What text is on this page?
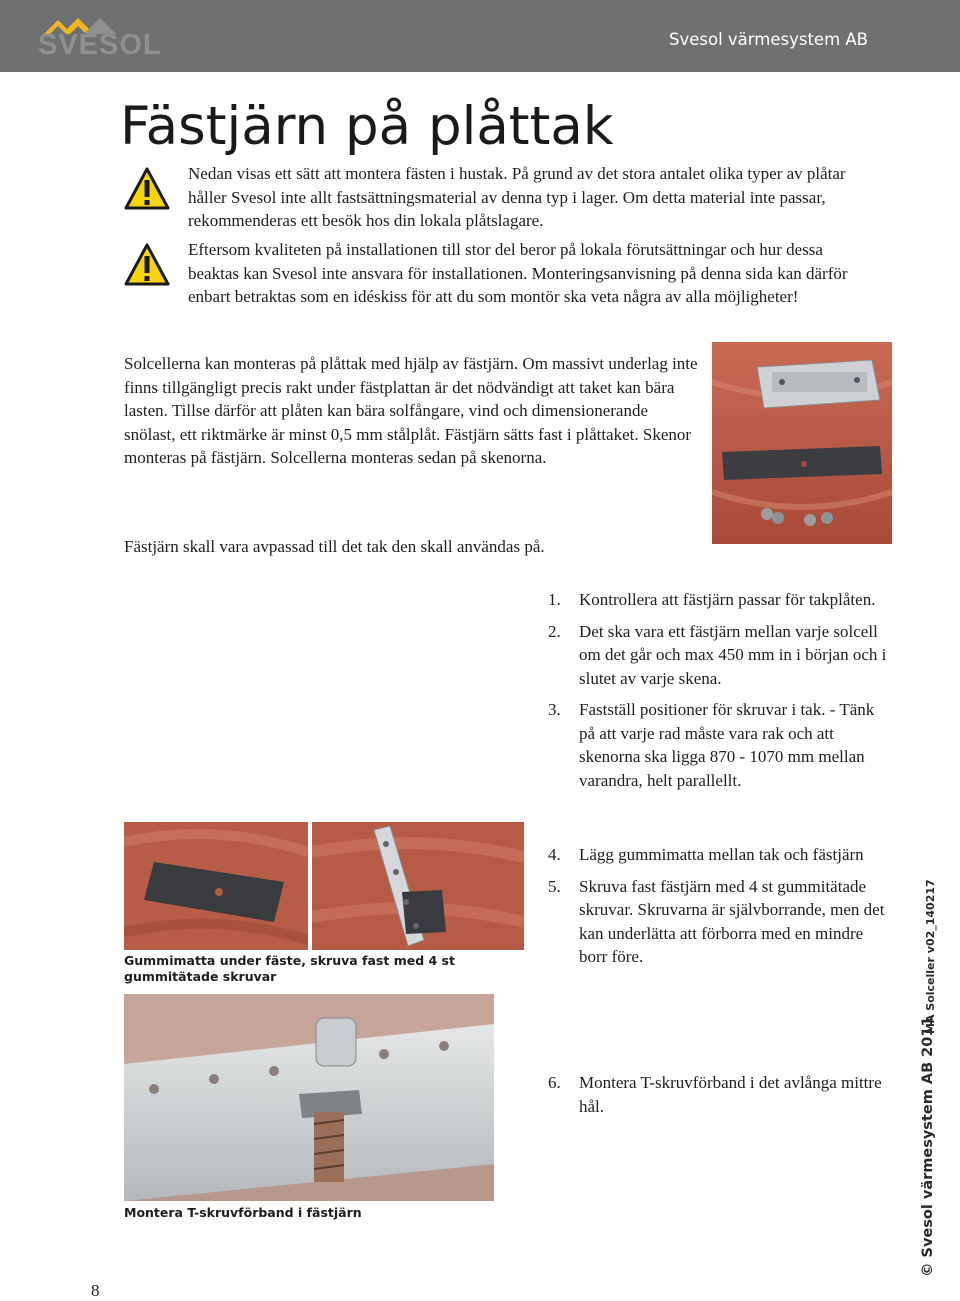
SVESOL	Svesol värmesystem AB
Fästjärn på plåttak
Nedan visas ett sätt att montera fästen i hustak. På grund av det stora antalet olika typer av plåtar håller Svesol inte allt fastsättningsmaterial av denna typ i lager. Om detta material inte passar, rekommenderas ett besök hos din lokala plåtslagare.
Eftersom kvaliteten på installationen till stor del beror på lokala förutsättningar och hur dessa beaktas kan Svesol inte ansvara för installationen. Monteringsanvisning på denna sida kan därför enbart betraktas som en idéskiss för att du som montör ska veta några av alla möjligheter!
Solcellerna kan monteras på plåttak med hjälp av fästjärn. Om massivt underlag inte finns tillgängligt precis rakt under fästplattan är det nödvändigt att taket kan bära lasten. Tillse därför att plåten kan bära solfångare, vind och dimensionerande snölast, ett riktmärke är minst 0,5 mm stålplåt. Fästjärn sätts fast i plåttaket. Skenor monteras på fästjärn. Solcellerna monteras sedan på skenorna.
Fästjärn skall vara avpassad till det tak den skall användas på.
1. Kontrollera att fästjärn passar för takplåten.
2. Det ska vara ett fästjärn mellan varje solcell om det går och max 450 mm in i början och i slutet av varje skena.
3. Fastställ positioner för skruvar i tak. - Tänk på att varje rad måste vara rak och att skenorna ska ligga 870 - 1070 mm mellan varandra, helt parallellt.
4. Lägg gummimatta mellan tak och fästjärn
5. Skruva fast fästjärn med 4 st gummitätade skruvar. Skruvarna är självborrande, men det kan underlätta att förborra med en mindre borr före.
6. Montera T-skruvförband i det avlånga mittre hål.
Gummimatta under fäste, skruva fast med 4 st gummitätade skruvar
Montera T-skruvförband i fästjärn	© Svesol värmesystem AB 2011
MA Solceller v02_140217
8
